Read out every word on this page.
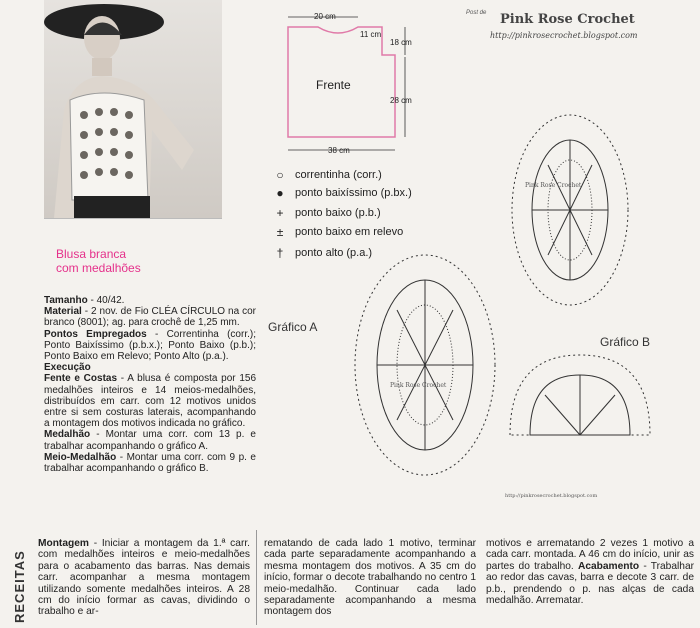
Blusa branca
com medalhões
Post de Pink Rose Crochet
http://pinkrosecrochet.blogspot.com
20 cm
11 cm
18 cm
28 cm
38 cm
Frente
○	correntinha (corr.)
●	ponto baixíssimo (p.bx.)
+	ponto baixo (p.b.)
±	ponto baixo em relevo
†	ponto alto (p.a.)
Pink Rose Crochet
Pink Rose Crochet
http://pinkrosecrochet.blogspot.com
Gráfico A
Gráfico B
Tamanho - 40/42.
Material - 2 nov. de Fio CLÉA CÍRCULO na cor branco (8001); ag. para crochê de 1,25 mm.
Pontos Empregados - Correntinha (corr.); Ponto Baixíssimo (p.b.x.); Ponto Baixo (p.b.); Ponto Baixo em Relevo; Ponto Alto (p.a.).
Execução
Fente e Costas - A blusa é composta por 156 medalhões inteiros e 14 meios-medalhões, distribuídos em carr. com 12 motivos unidos entre si sem costuras laterais, acompanhando a montagem dos motivos indicada no gráfico.
Medalhão - Montar uma corr. com 13 p. e trabalhar acompanhando o gráfico A.
Meio-Medalhão - Montar uma corr. com 9 p. e trabalhar acompanhando o gráfico B.
RECEITAS
Montagem - Iniciar a montagem da 1.ª carr. com medalhões inteiros e meio-medalhões para o acabamento das barras. Nas demais carr. acompanhar a mesma montagem utilizando somente medalhões inteiros. A 28 cm do início formar as cavas, dividindo o trabalho e ar-
rematando de cada lado 1 motivo, terminar cada parte separadamente acompanhando a mesma montagem dos motivos. A 35 cm do início, formar o decote trabalhando no centro 1 meio-medalhão. Continuar cada lado separadamente acompanhando a mesma montagem dos
motivos e arrematando 2 vezes 1 motivo a cada carr. montada. A 46 cm do início, unir as partes do trabalho. Acabamento - Trabalhar ao redor das cavas, barra e decote 3 carr. de p.b., prendendo o p. nas alças de cada medalhão. Arrematar.
